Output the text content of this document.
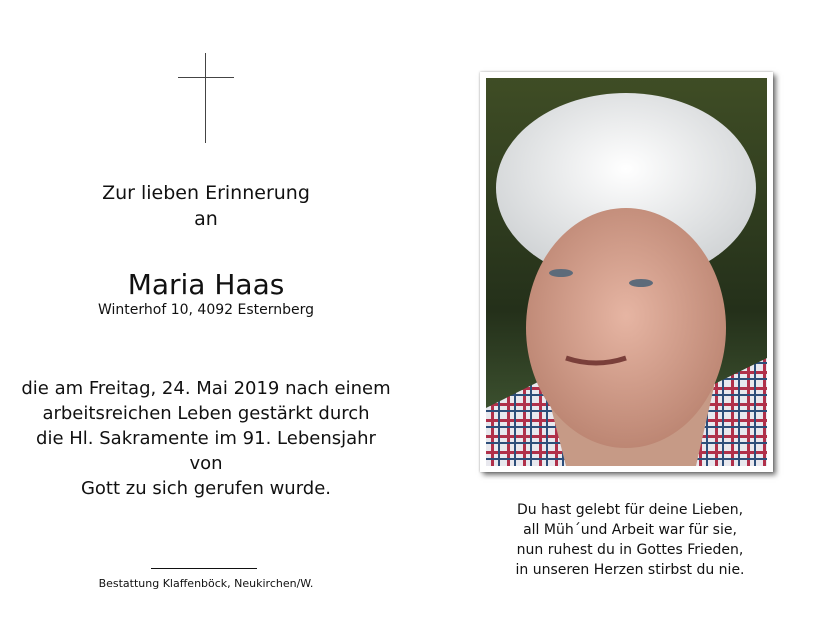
Zur lieben Erinnerung
an
Maria Haas
Winterhof 10, 4092 Esternberg
die am Freitag, 24. Mai 2019 nach einem
arbeitsreichen Leben gestärkt durch
die Hl. Sakramente im 91. Lebensjahr von
Gott zu sich gerufen wurde.
Bestattung Klaffenböck, Neukirchen/W.
Du hast gelebt für deine Lieben,
all Müh´und Arbeit war für sie,
nun ruhest du in Gottes Frieden,
in unseren Herzen stirbst du nie.
